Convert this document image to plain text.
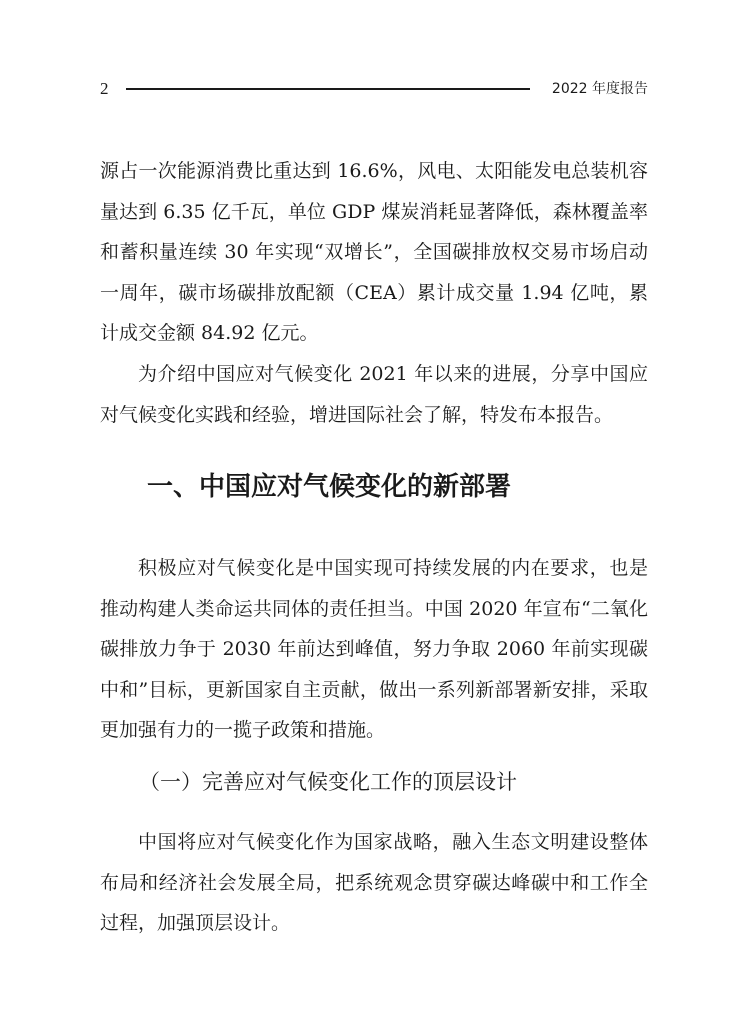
2	2022 年度报告

源占一次能源消费比重达到 16.6%，风电、太阳能发电总装机容量达到 6.35 亿千瓦，单位 GDP 煤炭消耗显著降低，森林覆盖率和蓄积量连续 30 年实现“双增长”，全国碳排放权交易市场启动一周年，碳市场碳排放配额（CEA）累计成交量 1.94 亿吨，累计成交金额 84.92 亿元。

为介绍中国应对气候变化 2021 年以来的进展，分享中国应对气候变化实践和经验，增进国际社会了解，特发布本报告。

一、中国应对气候变化的新部署

积极应对气候变化是中国实现可持续发展的内在要求，也是推动构建人类命运共同体的责任担当。中国 2020 年宣布“二氧化碳排放力争于 2030 年前达到峰值，努力争取 2060 年前实现碳中和”目标，更新国家自主贡献，做出一系列新部署新安排，采取更加强有力的一揽子政策和措施。

（一）完善应对气候变化工作的顶层设计

中国将应对气候变化作为国家战略，融入生态文明建设整体布局和经济社会发展全局，把系统观念贯穿碳达峰碳中和工作全过程，加强顶层设计。
